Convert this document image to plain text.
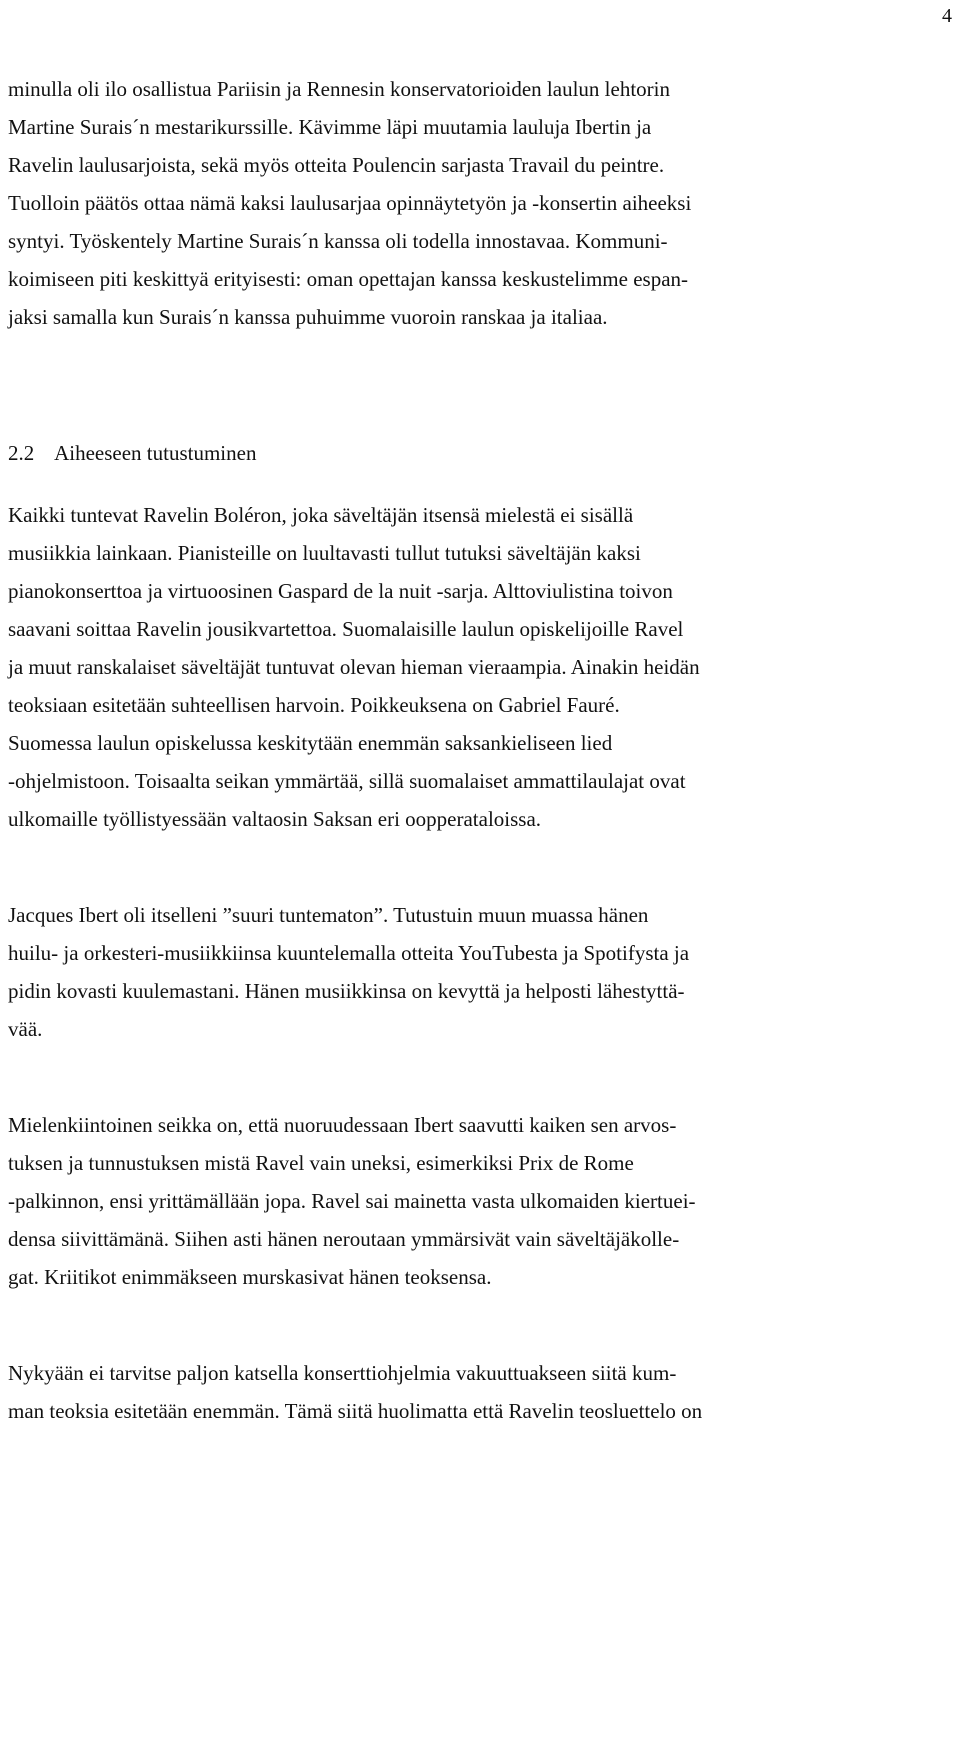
4
minulla oli ilo osallistua Pariisin ja Rennesin konservatorioiden laulun lehtorin
Martine Surais´n mestarikurssille. Kävimme läpi muutamia lauluja Ibertin ja
Ravelin laulusarjoista, sekä myös otteita Poulencin sarjasta Travail du peintre.
Tuolloin päätös ottaa nämä kaksi laulusarjaa opinnäytetyön ja -konsertin aiheeksi
syntyi. Työskentely Martine Surais´n kanssa oli todella innostavaa. Kommuni-
koimiseen piti keskittyä erityisesti: oman opettajan kanssa keskustelimme espan-
jaksi samalla kun Surais´n kanssa puhuimme vuoroin ranskaa ja italiaa.
2.2 Aiheeseen tutustuminen
Kaikki tuntevat Ravelin Boléron, joka säveltäjän itsensä mielestä ei sisällä
musiikkia lainkaan. Pianisteille on luultavasti tullut tutuksi säveltäjän kaksi
pianokonserttoa ja virtuoosinen Gaspard de la nuit -sarja. Alttoviulistina toivon
saavani soittaa Ravelin jousikvartettoa. Suomalaisille laulun opiskelijoille Ravel
ja muut ranskalaiset säveltäjät tuntuvat olevan hieman vieraampia. Ainakin heidän
teoksiaan esitetään suhteellisen harvoin. Poikkeuksena on Gabriel Fauré.
Suomessa laulun opiskelussa keskitytään enemmän saksankieliseen lied
-ohjelmistoon. Toisaalta seikan ymmärtää, sillä suomalaiset ammattilaulajat ovat
ulkomaille työllistyessään valtaosin Saksan eri oopperataloissa.
Jacques Ibert oli itselleni ”suuri tuntematon”. Tutustuin muun muassa hänen
huilu- ja orkesteri-musiikkiinsa kuuntelemalla otteita YouTubesta ja Spotifysta ja
pidin kovasti kuulemastani. Hänen musiikkinsa on kevyttä ja helposti lähestyttä-
vää.
Mielenkiintoinen seikka on, että nuoruudessaan Ibert saavutti kaiken sen arvos-
tuksen ja tunnustuksen mistä Ravel vain uneksi, esimerkiksi Prix de Rome
-palkinnon, ensi yrittämällään jopa. Ravel sai mainetta vasta ulkomaiden kiertuei-
densa siivittämänä. Siihen asti hänen neroutaan ymmärsivät vain säveltäjäkolle-
gat. Kriitikot enimmäkseen murskasivat hänen teoksensa.
Nykyään ei tarvitse paljon katsella konserttiohjelmia vakuuttuakseen siitä kum-
man teoksia esitetään enemmän. Tämä siitä huolimatta että Ravelin teosluettelo on
